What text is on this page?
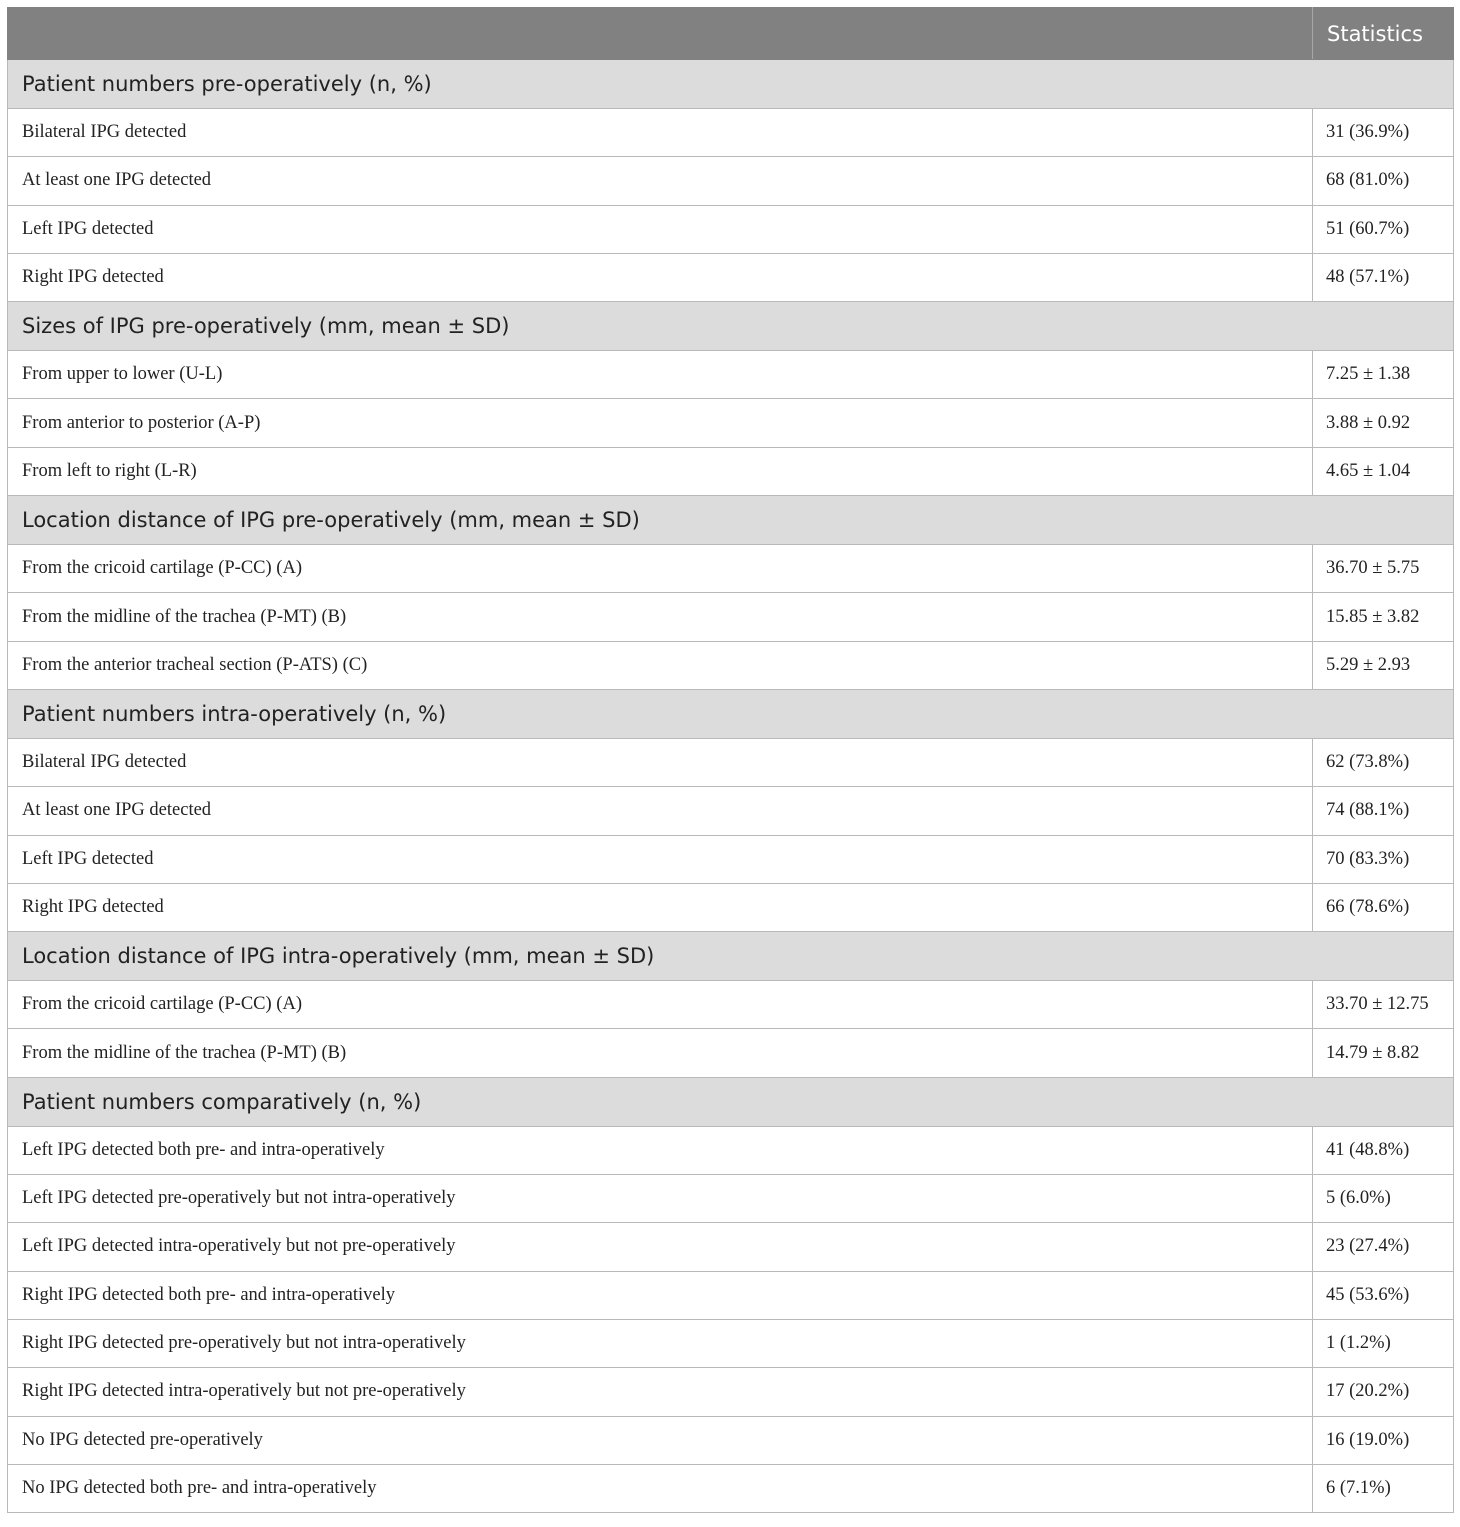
	Statistics
Patient numbers pre-operatively (n, %)	
Bilateral IPG detected	31 (36.9%)
At least one IPG detected	68 (81.0%)
Left IPG detected	51 (60.7%)
Right IPG detected	48 (57.1%)
Sizes of IPG pre-operatively (mm, mean ± SD)	
From upper to lower (U-L)	7.25 ± 1.38
From anterior to posterior (A-P)	3.88 ± 0.92
From left to right (L-R)	4.65 ± 1.04
Location distance of IPG pre-operatively (mm, mean ± SD)	
From the cricoid cartilage (P-CC) (A)	36.70 ± 5.75
From the midline of the trachea (P-MT) (B)	15.85 ± 3.82
From the anterior tracheal section (P-ATS) (C)	5.29 ± 2.93
Patient numbers intra-operatively (n, %)	
Bilateral IPG detected	62 (73.8%)
At least one IPG detected	74 (88.1%)
Left IPG detected	70 (83.3%)
Right IPG detected	66 (78.6%)
Location distance of IPG intra-operatively (mm, mean ± SD)	
From the cricoid cartilage (P-CC) (A)	33.70 ± 12.75
From the midline of the trachea (P-MT) (B)	14.79 ± 8.82
Patient numbers comparatively (n, %)	
Left IPG detected both pre- and intra-operatively	41 (48.8%)
Left IPG detected pre-operatively but not intra-operatively	5 (6.0%)
Left IPG detected intra-operatively but not pre-operatively	23 (27.4%)
Right IPG detected both pre- and intra-operatively	45 (53.6%)
Right IPG detected pre-operatively but not intra-operatively	1 (1.2%)
Right IPG detected intra-operatively but not pre-operatively	17 (20.2%)
No IPG detected pre-operatively	16 (19.0%)
No IPG detected both pre- and intra-operatively	6 (7.1%)
